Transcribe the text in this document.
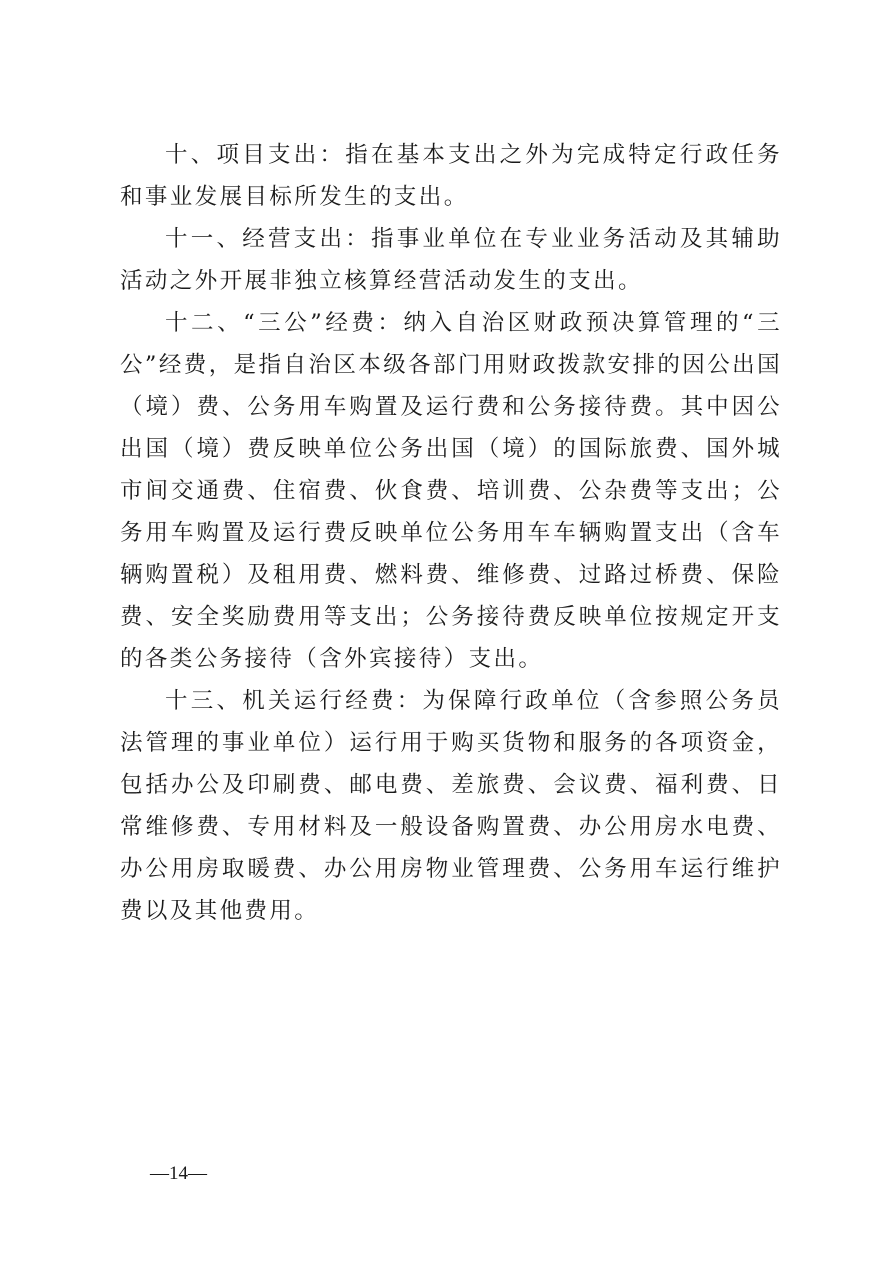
十、项目支出：指在基本支出之外为完成特定行政任务和事业发展目标所发生的支出。

十一、经营支出：指事业单位在专业业务活动及其辅助活动之外开展非独立核算经营活动发生的支出。

十二、“三公”经费：纳入自治区财政预决算管理的“三公”经费，是指自治区本级各部门用财政拨款安排的因公出国（境）费、公务用车购置及运行费和公务接待费。其中因公出国（境）费反映单位公务出国（境）的国际旅费、国外城市间交通费、住宿费、伙食费、培训费、公杂费等支出；公务用车购置及运行费反映单位公务用车车辆购置支出（含车辆购置税）及租用费、燃料费、维修费、过路过桥费、保险费、安全奖励费用等支出；公务接待费反映单位按规定开支的各类公务接待（含外宾接待）支出。

十三、机关运行经费：为保障行政单位（含参照公务员法管理的事业单位）运行用于购买货物和服务的各项资金，包括办公及印刷费、邮电费、差旅费、会议费、福利费、日常维修费、专用材料及一般设备购置费、办公用房水电费、办公用房取暖费、办公用房物业管理费、公务用车运行维护费以及其他费用。

—14—
